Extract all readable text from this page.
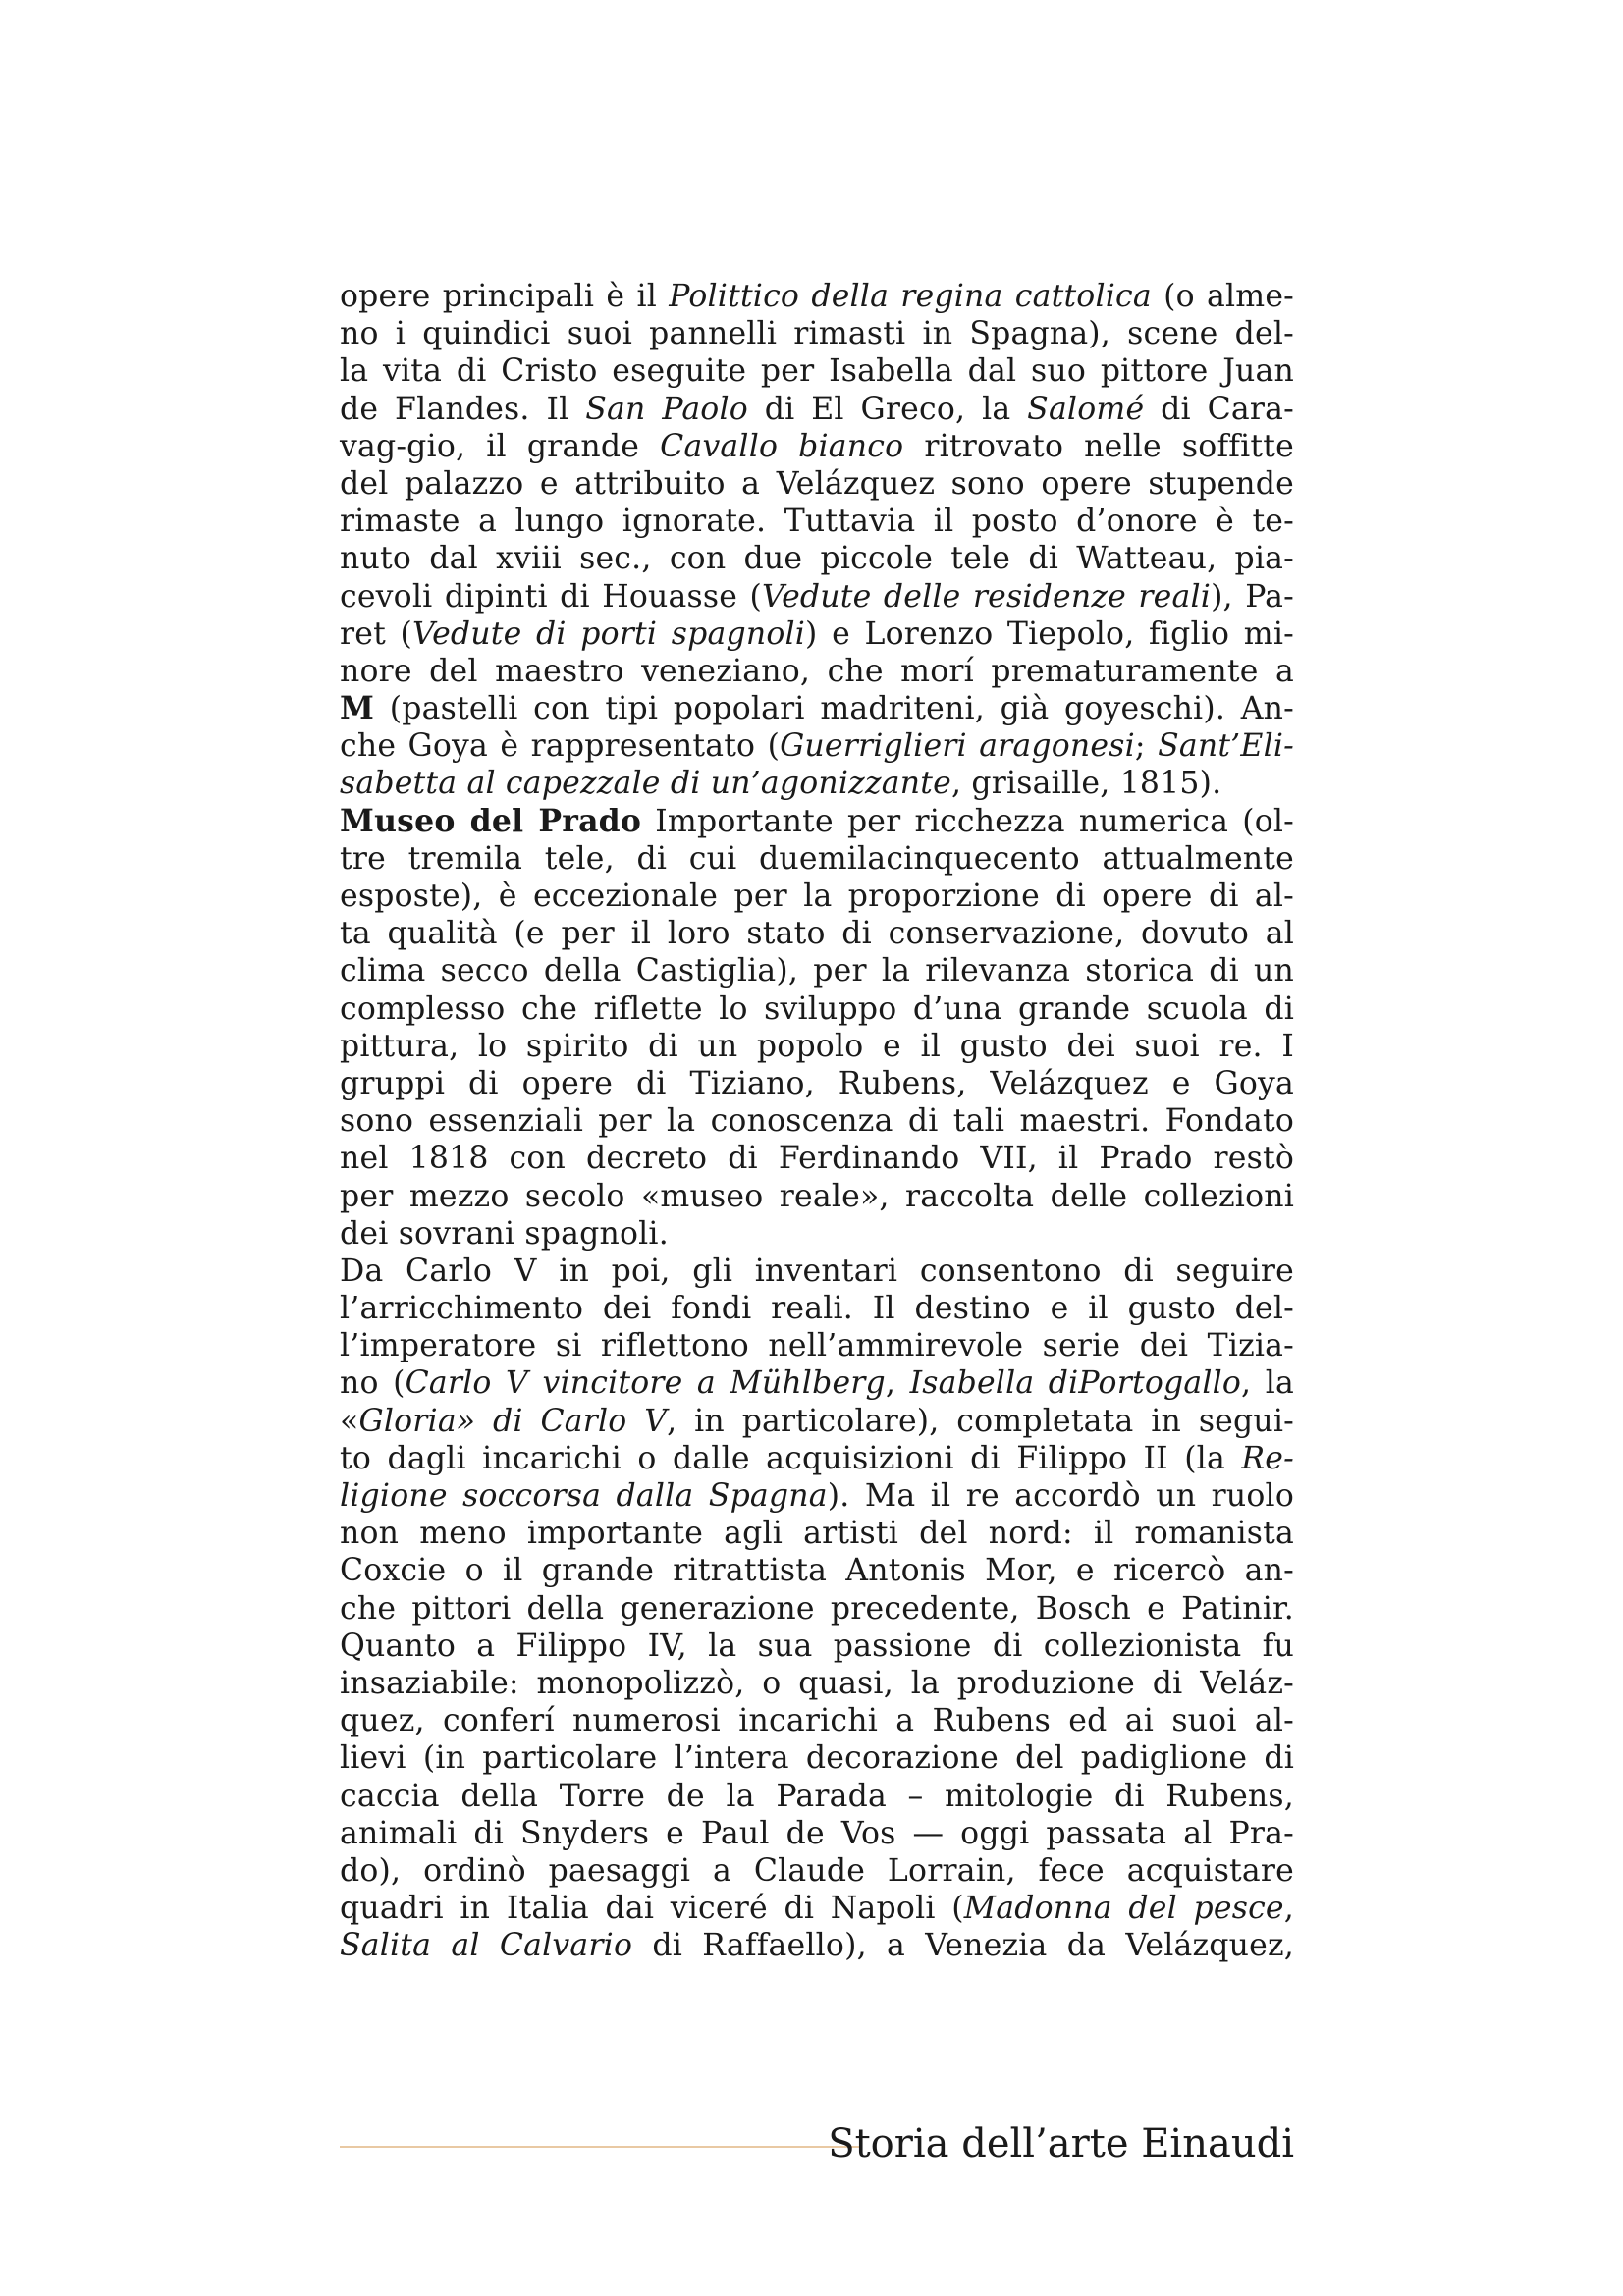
opere principali è il Polittico della regina cattolica (o alme-
no i quindici suoi pannelli rimasti in Spagna), scene del-
la vita di Cristo eseguite per Isabella dal suo pittore Juan
de Flandes. Il San Paolo di El Greco, la Salomé di Cara-
vag-gio, il grande Cavallo bianco ritrovato nelle soffitte
del palazzo e attribuito a Velázquez sono opere stupende
rimaste a lungo ignorate. Tuttavia il posto d’onore è te-
nuto dal xviii sec., con due piccole tele di Watteau, pia-
cevoli dipinti di Houasse (Vedute delle residenze reali), Pa-
ret (Vedute di porti spagnoli) e Lorenzo Tiepolo, figlio mi-
nore del maestro veneziano, che morí prematuramente a
M (pastelli con tipi popolari madriteni, già goyeschi). An-
che Goya è rappresentato (Guerriglieri aragonesi; Sant’Eli-
sabetta al capezzale di un’agonizzante, grisaille, 1815).
Museo del Prado Importante per ricchezza numerica (ol-
tre tremila tele, di cui duemilacinquecento attualmente
esposte), è eccezionale per la proporzione di opere di al-
ta qualità (e per il loro stato di conservazione, dovuto al
clima secco della Castiglia), per la rilevanza storica di un
complesso che riflette lo sviluppo d’una grande scuola di
pittura, lo spirito di un popolo e il gusto dei suoi re. I
gruppi di opere di Tiziano, Rubens, Velázquez e Goya
sono essenziali per la conoscenza di tali maestri. Fondato
nel 1818 con decreto di Ferdinando VII, il Prado restò
per mezzo secolo «museo reale», raccolta delle collezioni
dei sovrani spagnoli.
Da Carlo V in poi, gli inventari consentono di seguire
l’arricchimento dei fondi reali. Il destino e il gusto del-
l’imperatore si riflettono nell’ammirevole serie dei Tizia-
no (Carlo V vincitore a Mühlberg, Isabella diPortogallo, la
«Gloria» di Carlo V, in particolare), completata in segui-
to dagli incarichi o dalle acquisizioni di Filippo II (la Re-
ligione soccorsa dalla Spagna). Ma il re accordò un ruolo
non meno importante agli artisti del nord: il romanista
Coxcie o il grande ritrattista Antonis Mor, e ricercò an-
che pittori della generazione precedente, Bosch e Patinir.
Quanto a Filippo IV, la sua passione di collezionista fu
insaziabile: monopolizzò, o quasi, la produzione di Veláz-
quez, conferí numerosi incarichi a Rubens ed ai suoi al-
lievi (in particolare l’intera decorazione del padiglione di
caccia della Torre de la Parada – mitologie di Rubens,
animali di Snyders e Paul de Vos — oggi passata al Pra-
do), ordinò paesaggi a Claude Lorrain, fece acquistare
quadri in Italia dai viceré di Napoli (Madonna del pesce,
Salita al Calvario di Raffaello), a Venezia da Velázquez,
Storia dell’arte Einaudi
